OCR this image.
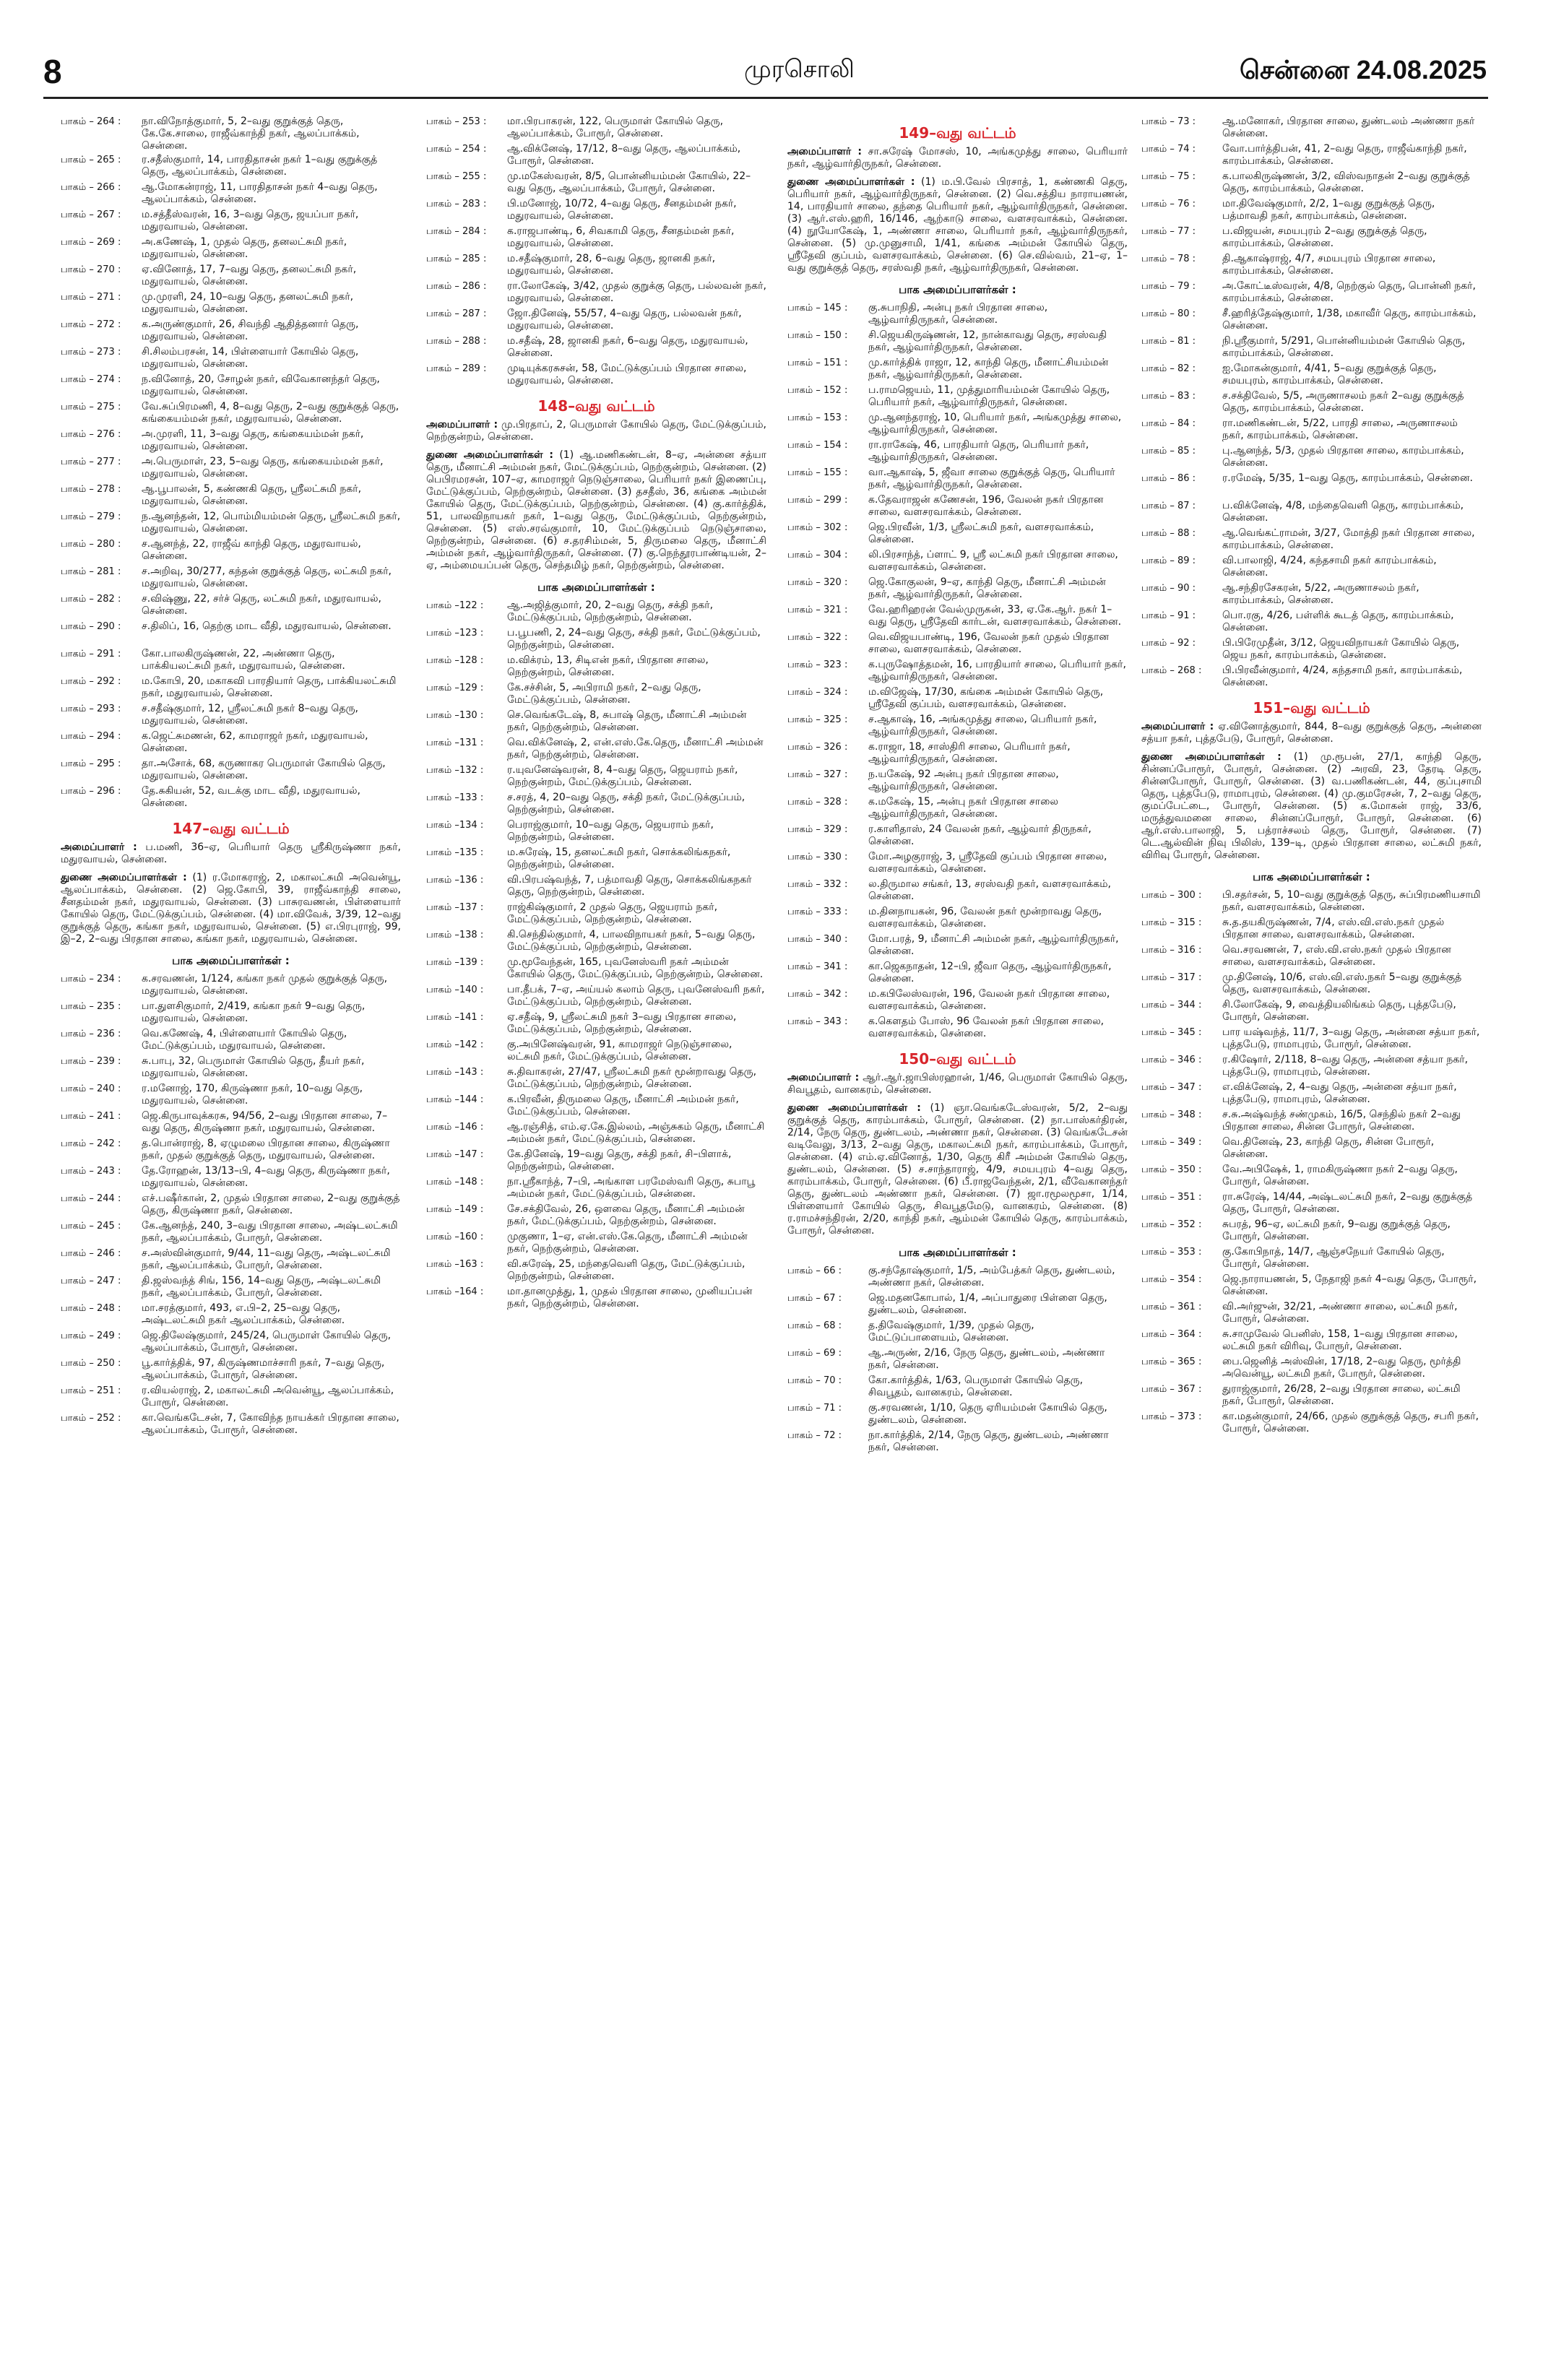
8	முரசொலி	சென்னை 24.08.2025
பாகம் – 264 :	நா.விநோத்குமார், 5, 2–வது குறுக்குத் தெரு, கே.கே.சாலை, ராஜீவ்காந்தி நகர், ஆலப்பாக்கம், சென்னை.
பாகம் – 265 :	ர.சதீஸ்குமார், 14, பாரதிதாசன் நகர் 1–வது குறுக்குத் தெரு, ஆலப்பாக்கம், சென்னை.
பாகம் – 266 :	ஆ.மோகன்ராஜ், 11, பாரதிதாசன் நகர் 4–வது தெரு, ஆலப்பாக்கம், சென்னை.
பாகம் – 267 :	ம.சத்தீஸ்வரன், 16, 3–வது தெரு, ஜயப்பா நகர், மதுரவாயல், சென்னை.
பாகம் – 269 :	அ.கணேஷ், 1, முதல் தெரு, தனலட்சுமி நகர், மதுரவாயல், சென்னை.
பாகம் – 270 :	ஏ.வினோத், 17, 7–வது தெரு, தனலட்சுமி நகர், மதுரவாயல், சென்னை.
பாகம் – 271 :	மு.முரளி, 24, 10–வது தெரு, தனலட்சுமி நகர், மதுரவாயல், சென்னை.
பாகம் – 272 :	க.அருண்குமார், 26, சிவந்தி ஆதித்தனார் தெரு, மதுரவாயல், சென்னை.
பாகம் – 273 :	சி.சிலம்பரசன், 14, பிள்ளையார் கோயில் தெரு, மதுரவாயல், சென்னை.
பாகம் – 274 :	ந.வினோத், 20, சோழன் நகர், விவேகானந்தர் தெரு, மதுரவாயல், சென்னை.
பாகம் – 275 :	வே.சுப்பிரமணி, 4, 8–வது தெரு, 2–வது குறுக்குத் தெரு, கங்கையம்மன் நகர், மதுரவாயல், சென்னை.
பாகம் – 276 :	அ.முரளி, 11, 3–வது தெரு, கங்கையம்மன் நகர், மதுரவாயல், சென்னை.
பாகம் – 277 :	அ.பெருமாள், 23, 5–வது தெரு, கங்கையம்மன் நகர், மதுரவாயல், சென்னை.
பாகம் – 278 :	ஆ.பூபாலன், 5, கண்ணகி தெரு, ஸ்ரீலட்சுமி நகர், மதுரவாயல், சென்னை.
பாகம் – 279 :	ந.ஆனந்தன், 12, பொம்மியம்மன் தெரு, ஸ்ரீலட்சுமி நகர், மதுரவாயல், சென்னை.
பாகம் – 280 :	ச.ஆனந்த், 22, ராஜீவ் காந்தி தெரு, மதுரவாயல், சென்னை.
பாகம் – 281 :	ச.அறிவு, 30/277, கந்தன் குறுக்குத் தெரு, லட்சுமி நகர், மதுரவாயல், சென்னை.
பாகம் – 282 :	ச.விஷ்ணு, 22, சர்ச் தெரு, லட்சுமி நகர், மதுரவாயல், சென்னை.
பாகம் – 290 :	ச.திலிப், 16, தெற்கு மாட வீதி, மதுரவாயல், சென்னை.
பாகம் – 291 :	கோ.பாலகிருஷ்ணன், 22, அண்ணா தெரு, பாக்கியலட்சுமி நகர், மதுரவாயல், சென்னை.
பாகம் – 292 :	ம.கோபி, 20, மகாகவி பாரதியார் தெரு, பாக்கியலட்சுமி நகர், மதுரவாயல், சென்னை.
பாகம் – 293 :	ச.சதீஷ்குமார், 12, ஸ்ரீலட்சுமி நகர் 8–வது தெரு, மதுரவாயல், சென்னை.
பாகம் – 294 :	க.ஜெட்சுமணன், 62, காமராஜர் நகர், மதுரவாயல், சென்னை.
பாகம் – 295 :	தா.அசோக், 68, கருணாகர பெருமாள் கோயில் தெரு, மதுரவாயல், சென்னை.
பாகம் – 296 :	தே.சுகியன், 52, வடக்கு மாட வீதி, மதுரவாயல், சென்னை.
147–வது வட்டம்

அமைப்பாளர் : ப.மணி, 36–ஏ, பெரியார் தெரு ஸ்ரீகிருஷ்ணா நகர், மதுரவாயல், சென்னை.

துணை அமைப்பாளர்கள் : (1) ர.மோகராஜ், 2, மகாலட்சுமி அவென்யூ, ஆலப்பாக்கம், சென்னை. (2) ஜெ.கோபி, 39, ராஜீவ்காந்தி சாலை, சீனதம்மன் நகர், மதுரவாயல், சென்னை. (3) பாசுரவணன், பிள்ளையார் கோயில் தெரு, மேட்டுக்குப்பம், சென்னை. (4) மா.விவேக், 3/39, 12–வது குறுக்குத் தெரு, கங்கா நகர், மதுரவாயல், சென்னை. (5) எ.பிரபுராஜ், 99, இ–2, 2–வது பிரதான சாலை, கங்கா நகர், மதுரவாயல், சென்னை.

பாக அமைப்பாளர்கள் :
பாகம் – 234 :	க.சரவணன், 1/124, கங்கா நகர் முதல் குறுக்குத் தெரு, மதுரவாயல், சென்னை.
பாகம் – 235 :	பா.துளசிகுமார், 2/419, கங்கா நகர் 9–வது தெரு, மதுரவாயல், சென்னை.
பாகம் – 236 :	வெ.கணேஷ், 4, பிள்ளையார் கோயில் தெரு, மேட்டுக்குப்பம், மதுரவாயல், சென்னை.
பாகம் – 239 :	சு.பாபு, 32, பெருமாள் கோயில் தெரு, தீயர் நகர், மதுரவாயல், சென்னை.
பாகம் – 240 :	ர.மனோஜ், 170, கிருஷ்ணா நகர், 10–வது தெரு, மதுரவாயல், சென்னை.
பாகம் – 241 :	ஜெ.கிருபாவுக்கரசு, 94/56, 2–வது பிரதான சாலை, 7–வது தெரு, கிருஷ்ணா நகர், மதுரவாயல், சென்னை.
பாகம் – 242 :	த.பொன்ராஜ், 8, ஏழுமலை பிரதான சாலை, கிருஷ்ணா நகர், முதல் குறுக்குத் தெரு, மதுரவாயல், சென்னை.
பாகம் – 243 :	தே.ரோஹன், 13/13–பி, 4–வது தெரு, கிருஷ்ணா நகர், மதுரவாயல், சென்னை.
பாகம் – 244 :	எச்.பஷீர்கான், 2, முதல் பிரதான சாலை, 2–வது குறுக்குத் தெரு, கிருஷ்ணா நகர், சென்னை.
பாகம் – 245 :	கே.ஆனந்த், 240, 3–வது பிரதான சாலை, அஷ்டலட்சுமி நகர், ஆலப்பாக்கம், போரூர், சென்னை.
பாகம் – 246 :	ச.அஸ்வின்குமார், 9/44, 11–வது தெரு, அஷ்டலட்சுமி நகர், ஆலப்பாக்கம், போரூர், சென்னை.
பாகம் – 247 :	தி.ஜஸ்வந்த் சிங், 156, 14–வது தெரு, அஷ்டலட்சுமி நகர், ஆலப்பாக்கம், போரூர், சென்னை.
பாகம் – 248 :	மா.சரத்குமார், 493, எ.பி–2, 25–வது தெரு, அஷ்டலட்சுமி நகர் ஆலப்பாக்கம், சென்னை.
பாகம் – 249 :	ஜெ.திலேஷ்குமார், 245/24, பெருமாள் கோயில் தெரு, ஆலப்பாக்கம், போரூர், சென்னை.
பாகம் – 250 :	பூ.கார்த்திக், 97, கிருஷ்ணமாச்சாரி நகர், 7–வது தெரு, ஆலப்பாக்கம், போரூர், சென்னை.
பாகம் – 251 :	ர.வியல்ராஜ், 2, மகாலட்சுமி அவென்யூ, ஆலப்பாக்கம், போரூர், சென்னை.
பாகம் – 252 :	கா.வெங்கடேசன், 7, கோவிந்த நாயக்கர் பிரதான சாலை, ஆலப்பாக்கம், போரூர், சென்னை.
பாகம் – 253 :	மா.பிரபாகரன், 122, பெருமாள் கோயில் தெரு, ஆலப்பாக்கம், போரூர், சென்னை.
பாகம் – 254 :	ஆ.விக்னேஷ், 17/12, 8–வது தெரு, ஆலப்பாக்கம், போரூர், சென்னை.
பாகம் – 255 :	மு.மகேஸ்வரன், 8/5, பொன்னியம்மன் கோயில், 22–வது தெரு, ஆலப்பாக்கம், போரூர், சென்னை.
பாகம் – 283 :	பி.மனோஜ், 10/72, 4–வது தெரு, சீனதம்மன் நகர், மதுரவாயல், சென்னை.
பாகம் – 284 :	க.ராஜபாண்டி, 6, சிவகாமி தெரு, சீனதம்மன் நகர், மதுரவாயல், சென்னை.
பாகம் – 285 :	ம.சதீஷ்குமார், 28, 6–வது தெரு, ஜானகி நகர், மதுரவாயல், சென்னை.
பாகம் – 286 :	ரா.லோகேஷ், 3/42, முதல் குறுக்கு தெரு, பல்லவன் நகர், மதுரவாயல், சென்னை.
பாகம் – 287 :	ஜோ.தினேஷ், 55/57, 4–வது தெரு, பல்லவன் நகர், மதுரவாயல், சென்னை.
பாகம் – 288 :	ம.சதீஷ், 28, ஜானகி நகர், 6–வது தெரு, மதுரவாயல், சென்னை.
பாகம் – 289 :	முடியுக்கரசுசன், 58, மேட்டுக்குப்பம் பிரதான சாலை, மதுரவாயல், சென்னை.
148–வது வட்டம்

அமைப்பாளர் : மு.பிரதாப், 2, பெருமாள் கோயில் தெரு, மேட்டுக்குப்பம், நெற்குன்றம், சென்னை.

துணை அமைப்பாளர்கள் : (1) ஆ.மணிகண்டன், 8–ஏ, அன்னை சத்யா தெரு, மீனாட்சி அம்மன் நகர், மேட்டுக்குப்பம், நெற்குன்றம், சென்னை. (2) பெபிரமரசன், 107–ஏ, காமராஜர் நெடுஞ்சாலை, பெரியார் நகர் இணைப்பு, மேட்டுக்குப்பம், நெற்குன்றம், சென்னை. (3) தசதீஸ், 36, கங்கை அம்மன் கோயில் தெரு, மேட்டுக்குப்பம், நெற்குன்றம், சென்னை. (4) கு.கார்த்திக், 51, பாலவிநாயகர் நகர், 1–வது தெரு, மேட்டுக்குப்பம், நெற்குன்றம், சென்னை. (5) எஸ்.சரவ்குமார், 10, மேட்டுக்குப்பம் நெடுஞ்சாலை, நெற்குன்றம், சென்னை. (6) ச.தரசிம்மன், 5, திருமலை தெரு, மீனாட்சி அம்மன் நகர், ஆழ்வார்திருநகர், சென்னை. (7) கு.நெந்தூரபாண்டியன், 2–ஏ, அம்மையப்பன் தெரு, செந்தமிழ் நகர், நெற்குன்றம், சென்னை.

பாக அமைப்பாளர்கள் :
பாகம் –122 :	ஆ.அஜித்குமார், 20, 2–வது தெரு, சக்தி நகர், மேட்டுக்குப்பம், நெற்குன்றம், சென்னை.
பாகம் –123 :	ப.பூபணி, 2, 24–வது தெரு, சக்தி நகர், மேட்டுக்குப்பம், நெற்குன்றம், சென்னை.
பாகம் –128 :	ம.விக்ரம், 13, சிடிஎன் நகர், பிரதான சாலை, நெற்குன்றம், சென்னை.
பாகம் –129 :	கே.சச்சின், 5, அபிராமி நகர், 2–வது தெரு, மேட்டுக்குப்பம், சென்னை.
பாகம் –130 :	செ.வெங்கடேஷ், 8, சுபாஷ் தெரு, மீனாட்சி அம்மன் நகர், நெற்குன்றம், சென்னை.
பாகம் –131 :	வெ.விக்னேஷ், 2, என்.எஸ்.கே.தெரு, மீனாட்சி அம்மன் நகர், நெற்குன்றம், சென்னை.
பாகம் –132 :	ர.யுவனேஷ்வரன், 8, 4–வது தெரு, ஜெயராம் நகர், நெற்குன்றம், மேட்டுக்குப்பம், சென்னை.
பாகம் –133 :	ச.சரத், 4, 20–வது தெரு, சக்தி நகர், மேட்டுக்குப்பம், நெற்குன்றம், சென்னை.
பாகம் –134 :	பெராஜ்குமார், 10–வது தெரு, ஜெயராம் நகர், நெற்குன்றம், சென்னை.
பாகம் –135 :	ம.சுரேஷ், 15, தனலட்சுமி நகர், சொக்கலிங்கநகர், நெற்குன்றம், சென்னை.
பாகம் –136 :	வி.பிரபஷ்வந்த், 7, பத்மாவதி தெரு, சொக்கலிங்கநகர் தெரு, நெற்குன்றம், சென்னை.
பாகம் –137 :	ராஜ்கிஷ்குமார், 2 முதல் தெரு, ஜெயராம் நகர், மேட்டுக்குப்பம், நெற்குன்றம், சென்னை.
பாகம் –138 :	கி.செந்தில்குமார், 4, பாலவிநாயகர் நகர், 5–வது தெரு, மேட்டுக்குப்பம், நெற்குன்றம், சென்னை.
பாகம் –139 :	மு.மூவேந்தன், 165, புவனேஸ்வரி நகர் அம்மன் கோயில் தெரு, மேட்டுக்குப்பம், நெற்குன்றம், சென்னை.
பாகம் –140 :	பா.தீபக், 7–ஏ, அய்யல் கலாம் தெரு, புவனேஸ்வரி நகர், மேட்டுக்குப்பம், நெற்குன்றம், சென்னை.
பாகம் –141 :	ஏ.சதீஷ், 9, ஸ்ரீலட்சுமி நகர் 3–வது பிரதான சாலை, மேட்டுக்குப்பம், நெற்குன்றம், சென்னை.
பாகம் –142 :	கு.அபினேஷ்வரன், 91, காமராஜர் நெடுஞ்சாலை, லட்சுமி நகர், மேட்டுக்குப்பம், சென்னை.
பாகம் –143 :	சு.திவாகரன், 27/47, ஸ்ரீலட்சுமி நகர் மூன்றாவது தெரு, மேட்டுக்குப்பம், நெற்குன்றம், சென்னை.
பாகம் –144 :	க.பிரவீன், திருமலை தெரு, மீனாட்சி அம்மன் நகர், மேட்டுக்குப்பம், சென்னை.
பாகம் –146 :	ஆ.ரஞ்சித், எம்.ஏ.கே.இல்லம், அஞ்சுகம் தெரு, மீனாட்சி அம்மன் நகர், மேட்டுக்குப்பம், சென்னை.
பாகம் –147 :	கே.தினேஷ், 19–வது தெரு, சக்தி நகர், சி–பிளாக், நெற்குன்றம், சென்னை.
பாகம் –148 :	நா.ஸ்ரீகாந்த், 7–பி, அங்காள பரமேஸ்வரி தெரு, சுபாபூ அம்மன் நகர், மேட்டுக்குப்பம், சென்னை.
பாகம் –149 :	சே.சக்திவேல், 26, ஒளவை தெரு, மீனாட்சி அம்மன் நகர், மேட்டுக்குப்பம், நெற்குன்றம், சென்னை.
பாகம் –160 :	முகுணா, 1–ஏ, என்.எஸ்.கே.தெரு, மீனாட்சி அம்மன் நகர், நெற்குன்றம், சென்னை.
பாகம் –163 :	வி.சுரேஷ், 25, மந்தைவெளி தெரு, மேட்டுக்குப்பம், நெற்குன்றம், சென்னை.
பாகம் –164 :	மா.தானமுத்து, 1, முதல் பிரதான சாலை, முனியப்பன் நகர், நெற்குன்றம், சென்னை.
149–வது வட்டம்

அமைப்பாளர் : சா.சுரேஷ் மோசஸ், 10, அங்கமுத்து சாலை, பெரியார் நகர், ஆழ்வார்திருநகர், சென்னை.

துணை அமைப்பாளர்கள் : (1) ம.பி.வேல் பிரசாத், 1, கண்ணகி தெரு, பெரியார் நகர், ஆழ்வார்திருநகர், சென்னை. (2) வெ.சத்திய நாராயணன், 14, பாரதியார் சாலை, தந்தை பெரியார் நகர், ஆழ்வார்திருநகர், சென்னை. (3) ஆர்.எஸ்.ஹரி, 16/146, ஆற்காடு சாலை, வளசரவாக்கம், சென்னை. (4) நூயோகேஷ், 1, அண்ணா சாலை, பெரியார் நகர், ஆழ்வார்திருநகர், சென்னை. (5) மு.முனுசாமி, 1/41, கங்கை அம்மன் கோயில் தெரு, ஸ்ரீதேவி குப்பம், வளசரவாக்கம், சென்னை. (6) செ.வில்வம், 21–ஏ, 1–வது குறுக்குத் தெரு, சரஸ்வதி நகர், ஆழ்வார்திருநகர், சென்னை.

பாக அமைப்பாளர்கள் :
பாகம் – 145 :	கு.சுபாநிதி, அன்பு நகர் பிரதான சாலை, ஆழ்வார்திருநகர், சென்னை.
பாகம் – 150 :	சி.ஜெயகிருஷ்ணன், 12, நான்காவது தெரு, சரஸ்வதி நகர், ஆழ்வார்திருநகர், சென்னை.
பாகம் – 151 :	மு.கார்த்திக் ராஜா, 12, காந்தி தெரு, மீனாட்சியம்மன் நகர், ஆழ்வார்திருநகர், சென்னை.
பாகம் – 152 :	ப.ராமஜெயம், 11, முத்துமாரியம்மன் கோயில் தெரு, பெரியார் நகர், ஆழ்வார்திருநகர், சென்னை.
பாகம் – 153 :	மு.ஆனந்தராஜ், 10, பெரியார் நகர், அங்கமுத்து சாலை, ஆழ்வார்திருநகர், சென்னை.
பாகம் – 154 :	ரா.ராகேஷ், 46, பாரதியார் தெரு, பெரியார் நகர், ஆழ்வார்திருநகர், சென்னை.
பாகம் – 155 :	வா.ஆகாஷ், 5, ஜீவா சாலை குறுக்குத் தெரு, பெரியார் நகர், ஆழ்வார்திருநகர், சென்னை.
பாகம் – 299 :	க.தேவராஜன் கணேசன், 196, வேலன் நகர் பிரதான சாலை, வளசரவாக்கம், சென்னை.
பாகம் – 302 :	ஜெ.பிரவீன், 1/3, ஸ்ரீலட்சுமி நகர், வளசரவாக்கம், சென்னை.
பாகம் – 304 :	லி.பிரசாந்த், ப்ளாட் 9, ஸ்ரீ லட்சுமி நகர் பிரதான சாலை, வளசரவாக்கம், சென்னை.
பாகம் – 320 :	ஜெ.கோகுலன், 9–ஏ, காந்தி தெரு, மீனாட்சி அம்மன் நகர், ஆழ்வார்திருநகர், சென்னை.
பாகம் – 321 :	வே.ஹரிஹரன் வேல்முருகன், 33, ஏ.கே.ஆர். நகர் 1–வது தெரு, ஸ்ரீதேவி கார்டன், வளசரவாக்கம், சென்னை.
பாகம் – 322 :	வெ.விஜயபாண்டி, 196, வேலன் நகர் முதல் பிரதான சாலை, வளசரவாக்கம், சென்னை.
பாகம் – 323 :	க.புருஷோத்தமன், 16, பாரதியார் சாலை, பெரியார் நகர், ஆழ்வார்திருநகர், சென்னை.
பாகம் – 324 :	ம.விஜேஷ், 17/30, கங்கை அம்மன் கோயில் தெரு, ஸ்ரீதேவி குப்பம், வளசரவாக்கம், சென்னை.
பாகம் – 325 :	ச.ஆகாஷ், 16, அங்கமுத்து சாலை, பெரியார் நகர், ஆழ்வார்திருநகர், சென்னை.
பாகம் – 326 :	க.ராஜா, 18, சாஸ்திரி சாலை, பெரியார் நகர், ஆழ்வார்திருநகர், சென்னை.
பாகம் – 327 :	ந.யகேஷ், 92 அன்பு நகர் பிரதான சாலை, ஆழ்வார்திருநகர், சென்னை.
பாகம் – 328 :	க.மகேஷ், 15, அன்பு நகர் பிரதான சாலை ஆழ்வார்திருநகர், சென்னை.
பாகம் – 329 :	ர.காளிதாஸ், 24 வேலன் நகர், ஆழ்வார் திருநகர், சென்னை.
பாகம் – 330 :	மோ.அழகுராஜ், 3, ஸ்ரீதேவி குப்பம் பிரதான சாலை, வளசரவாக்கம், சென்னை.
பாகம் – 332 :	ல.திருமால சங்கர், 13, சரஸ்வதி நகர், வளசரவாக்கம், சென்னை.
பாகம் – 333 :	ம.தினநாயகன், 96, வேலன் நகர் மூன்றாவது தெரு, வளசரவாக்கம், சென்னை.
பாகம் – 340 :	மோ.பரத், 9, மீனாட்சி அம்மன் நகர், ஆழ்வார்திருநகர், சென்னை.
பாகம் – 341 :	கா.ஜெகநாதன், 12–பி, ஜீவா தெரு, ஆழ்வார்திருநகர், சென்னை.
பாகம் – 342 :	ம.கபிலேஸ்வரன், 196, வேலன் நகர் பிரதான சாலை, வளசரவாக்கம், சென்னை.
பாகம் – 343 :	க.கௌதம் போஸ், 96 வேலன் நகர் பிரதான சாலை, வளசரவாக்கம், சென்னை.
150–வது வட்டம்

அமைப்பாளர் : ஆர்.ஆர்.ஜாபிஸ்ரஹான், 1/46, பெருமாள் கோயில் தெரு, சிவபூதம், வானகரம், சென்னை.

துணை அமைப்பாளர்கள் : (1) ஞா.வெங்கடேஸ்வரன், 5/2, 2–வது குறுக்குத் தெரு, காரம்பாக்கம், போரூர், சென்னை. (2) நா.பாஸ்கர்திரன், 2/14, நேரு தெரு, துண்டலம், அண்ணா நகர், சென்னை. (3) வெங்கடேசன் வடிவேலு, 3/13, 2–வது தெரு, மகாலட்சுமி நகர், காரம்பாக்கம், போரூர், சென்னை. (4) எம்.ஏ.வினோத், 1/30, தெரு கிரீ அம்மன் கோயில் தெரு, துண்டலம், சென்னை. (5) ச.சாந்தாராஜ், 4/9, சமயபுரம் 4–வது தெரு, காரம்பாக்கம், போரூர், சென்னை. (6) பீ.ராஜவேந்தன், 2/1, வீவேகானந்தர் தெரு, துண்டலம் அண்ணா நகர், சென்னை. (7) ஜா.ரமூலமூசா, 1/14, பிள்ளையார் கோயில் தெரு, சிவபூதமேடு, வானகரம், சென்னை. (8) ர.ராமச்சந்திரன், 2/20, காந்தி நகர், ஆம்மன் கோயில் தெரு, காரம்பாக்கம், போரூர், சென்னை.

பாக அமைப்பாளர்கள் :
பாகம் – 66 :	கு.சந்தோஷ்குமார், 1/5, அம்பேத்கர் தெரு, துண்டலம், அண்ணா நகர், சென்னை.
பாகம் – 67 :	ஜெ.மதனகோபால், 1/4, அப்பாதுரை பிள்ளை தெரு, துண்டலம், சென்னை.
பாகம் – 68 :	த.திவேஷ்குமார், 1/39, முதல் தெரு, மேட்டுப்பாளையம், சென்னை.
பாகம் – 69 :	ஆ.அருண், 2/16, நேரு தெரு, துண்டலம், அண்ணா நகர், சென்னை.
பாகம் – 70 :	கோ.கார்த்திக், 1/63, பெருமாள் கோயில் தெரு, சிவபூதம், வானகரம், சென்னை.
பாகம் – 71 :	கு.சரவணன், 1/10, தெரு ஏரியம்மன் கோயில் தெரு, துண்டலம், சென்னை.
பாகம் – 72 :	நா.கார்த்திக், 2/14, நேரு தெரு, துண்டலம், அண்ணா நகர், சென்னை.
பாகம் – 73 :	ஆ.மனோகர், பிரதான சாலை, துண்டலம் அண்ணா நகர் சென்னை.
பாகம் – 74 :	வோ.பார்த்திபன், 41, 2–வது தெரு, ராஜீவ்காந்தி நகர், காரம்பாக்கம், சென்னை.
பாகம் – 75 :	க.பாலகிருஷ்ணன், 3/2, விஸ்வநாதன் 2–வது குறுக்குத் தெரு, காரம்பாக்கம், சென்னை.
பாகம் – 76 :	மா.திவேஷ்குமார், 2/2, 1–வது குறுக்குத் தெரு, பத்மாவதி நகர், காரம்பாக்கம், சென்னை.
பாகம் – 77 :	ப.விஜயன், சமயபுரம் 2–வது குறுக்குத் தெரு, காரம்பாக்கம், சென்னை.
பாகம் – 78 :	தி.ஆகாஷ்ராஜ், 4/7, சமயபுரம் பிரதான சாலை, காரம்பாக்கம், சென்னை.
பாகம் – 79 :	அ.கோட்டீஸ்வரன், 4/8, நெற்குல் தெரு, பொன்னி நகர், காரம்பாக்கம், சென்னை.
பாகம் – 80 :	சீ.ஹரித்தேஷ்குமார், 1/38, மகாவீர் தெரு, காரம்பாக்கம், சென்னை.
பாகம் – 81 :	நி.ஸ்ரீகுமார், 5/291, பொன்னியம்மன் கோயில் தெரு, காரம்பாக்கம், சென்னை.
பாகம் – 82 :	ஐ.மோகன்குமார், 4/41, 5–வது குறுக்குத் தெரு, சமயபுரம், காரம்பாக்கம், சென்னை.
பாகம் – 83 :	ச.சக்திவேல், 5/5, அருணாசலம் நகர் 2–வது குறுக்குத் தெரு, காரம்பாக்கம், சென்னை.
பாகம் – 84 :	ரா.மணிகண்டன், 5/22, பாரதி சாலை, அருணாசலம் நகர், காரம்பாக்கம், சென்னை.
பாகம் – 85 :	பு.ஆனந்த், 5/3, முதல் பிரதான சாலை, காரம்பாக்கம், சென்னை.
பாகம் – 86 :	ர.ரமேஷ், 5/35, 1–வது தெரு, காரம்பாக்கம், சென்னை.
பாகம் – 87 :	ப.விக்னேஷ், 4/8, மந்தைவெளி தெரு, காரம்பாக்கம், சென்னை.
பாகம் – 88 :	ஆ.வெங்கட்ராமன், 3/27, மோத்தி நகர் பிரதான சாலை, காரம்பாக்கம், சென்னை.
பாகம் – 89 :	வி.பாலாஜி, 4/24, கந்தசாமி நகர் காரம்பாக்கம், சென்னை.
பாகம் – 90 :	ஆ.சந்திரசேகரன், 5/22, அருணாசலம் நகர், காரம்பாக்கம், சென்னை.
பாகம் – 91 :	பொ.ரகு, 4/26, பள்ளிக் கூடத் தெரு, காரம்பாக்கம், சென்னை.
பாகம் – 92 :	பி.பிரேமுதீன், 3/12, ஜெயவிநாயகர் கோயில் தெரு, ஜெய நகர், காரம்பாக்கம், சென்னை.
பாகம் – 268 :	பி.பிரவீன்குமார், 4/24, கந்தசாமி நகர், காரம்பாக்கம், சென்னை.
151–வது வட்டம்

அமைப்பாளர் : ஏ.வினோத்குமார், 844, 8–வது குறுக்குத் தெரு, அன்னை சத்யா நகர், புத்தபேடு, போரூர், சென்னை.

துணை அமைப்பாளர்கள் : (1) மு.ரூபன், 27/1, காந்தி தெரு, சின்னப்போரூர், போரூர், சென்னை. (2) அரவி, 23, தேரடி தெரு, சின்னபோரூர், போரூர், சென்னை. (3) வ.பணிகண்டன், 44, குப்புசாமி தெரு, புத்தபேடு, ராமாபுரம், சென்னை. (4) மு.குமரேசன், 7, 2–வது தெரு, குமப்பேட்டை, போரூர், சென்னை. (5) க.மோகன் ராஜ், 33/6, மருத்துவமனை சாலை, சின்னப்போரூர், போரூர், சென்னை. (6) ஆர்.எஸ்.பாலாஜி, 5, பத்ராச்சலம் தெரு, போரூர், சென்னை. (7) டெ.ஆல்வின் நிவு பிலிஸ், 139–டி, முதல் பிரதான சாலை, லட்சுமி நகர், விரிவு போரூர், சென்னை.

பாக அமைப்பாளர்கள் :
பாகம் – 300 :	பி.சதர்சன், 5, 10–வது குறுக்குத் தெரு, சுப்பிரமணியசாமி நகர், வளசரவாக்கம், சென்னை.
பாகம் – 315 :	சு.த.தயகிருஷ்ணன், 7/4, எஸ்.வி.எஸ்.நகர் முதல் பிரதான சாலை, வளசரவாக்கம், சென்னை.
பாகம் – 316 :	வெ.சரவணன், 7, எஸ்.வி.எஸ்.நகர் முதல் பிரதான சாலை, வளசரவாக்கம், சென்னை.
பாகம் – 317 :	மு.தினேஷ், 10/6, எஸ்.வி.எஸ்.நகர் 5–வது குறுக்குத் தெரு, வளசரவாக்கம், சென்னை.
பாகம் – 344 :	சி.லோகேஷ், 9, வைத்தியலிங்கம் தெரு, புத்தபேடு, போரூர், சென்னை.
பாகம் – 345 :	பார யஷ்வந்த், 11/7, 3–வது தெரு, அன்னை சத்யா நகர், புத்தபேடு, ராமாபுரம், போரூர், சென்னை.
பாகம் – 346 :	ர.கிஷோர், 2/118, 8–வது தெரு, அன்னை சத்யா நகர், புத்தபேடு, ராமாபுரம், சென்னை.
பாகம் – 347 :	எ.விக்னேஷ், 2, 4–வது தெரு, அன்னை சத்யா நகர், புத்தபேடு, ராமாபுரம், சென்னை.
பாகம் – 348 :	ச.சு.அஷ்வந்த் சண்முகம், 16/5, செந்தில் நகர் 2–வது பிரதான சாலை, சின்ன போரூர், சென்னை.
பாகம் – 349 :	வெ.தினேஷ், 23, காந்தி தெரு, சின்ன போரூர், சென்னை.
பாகம் – 350 :	வே.அபிஷேக், 1, ராமகிருஷ்ணா நகர் 2–வது தெரு, போரூர், சென்னை.
பாகம் – 351 :	ரா.சுரேஷ், 14/44, அஷ்டலட்சுமி நகர், 2–வது குறுக்குத் தெரு, போரூர், சென்னை.
பாகம் – 352 :	சுபரத், 96–ஏ, லட்சுமி நகர், 9–வது குறுக்குத் தெரு, போரூர், சென்னை.
பாகம் – 353 :	கு.கோபிநாத், 14/7, ஆஞ்சநேயர் கோயில் தெரு, போரூர், சென்னை.
பாகம் – 354 :	ஜெ.நாராயணன், 5, நேதாஜி நகர் 4–வது தெரு, போரூர், சென்னை.
பாகம் – 361 :	வி.அர்ஜுன், 32/21, அண்ணா சாலை, லட்சுமி நகர், போரூர், சென்னை.
பாகம் – 364 :	சு.சாமுவேல் பெனிஸ், 158, 1–வது பிரதான சாலை, லட்சுமி நகர் விரிவு, போரூர், சென்னை.
பாகம் – 365 :	பை.ஜெனித் அஸ்வின், 17/18, 2–வது தெரு, மூர்த்தி அவென்யூ, லட்சுமி நகர், போரூர், சென்னை.
பாகம் – 367 :	துராஜ்குமார், 26/28, 2–வது பிரதான சாலை, லட்சுமி நகர், போரூர், சென்னை.
பாகம் – 373 :	கா.மதன்குமார், 24/66, முதல் குறுக்குத் தெரு, சபரி நகர், போரூர், சென்னை.
